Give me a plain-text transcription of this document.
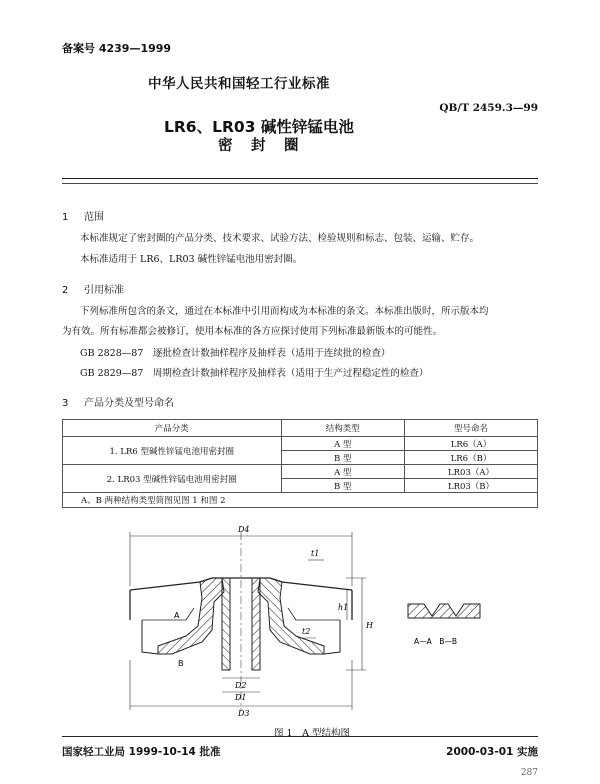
备案号 4239—1999
中华人民共和国轻工行业标准
QB/T 2459.3—99
LR6、LR03 碱性锌锰电池
密　封　圈
1 范围
本标准规定了密封圈的产品分类、技术要求、试验方法、检验规则和标志、包装、运输、贮存。
本标准适用于 LR6、LR03 碱性锌锰电池用密封圈。
2 引用标准
下列标准所包含的条文，通过在本标准中引用而构成为本标准的条文。本标准出版时，所示版本均
为有效。所有标准都会被修订，使用本标准的各方应探讨使用下列标准最新版本的可能性。
GB 2828—87　逐批检查计数抽样程序及抽样表（适用于连续批的检查）
GB 2829—87　周期检查计数抽样程序及抽样表（适用于生产过程稳定性的检查）
3 产品分类及型号命名
产品分类	结构类型	型号命名
1. LR6 型碱性锌锰电池用密封圈	A 型	LR6（A）
	B 型	LR6（B）
2. LR03 型碱性锌锰电池用密封圈	A 型	LR03（A）
	B 型	LR03（B）
A、B 两种结构类型简图见图 1 和图 2		
D4
D3
D2
D1
H
h1
t1
t2
A
B
A—A　B—B
图 1　A 型结构图
国家轻工业局 1999-10-14 批准	2000-03-01 实施
287
